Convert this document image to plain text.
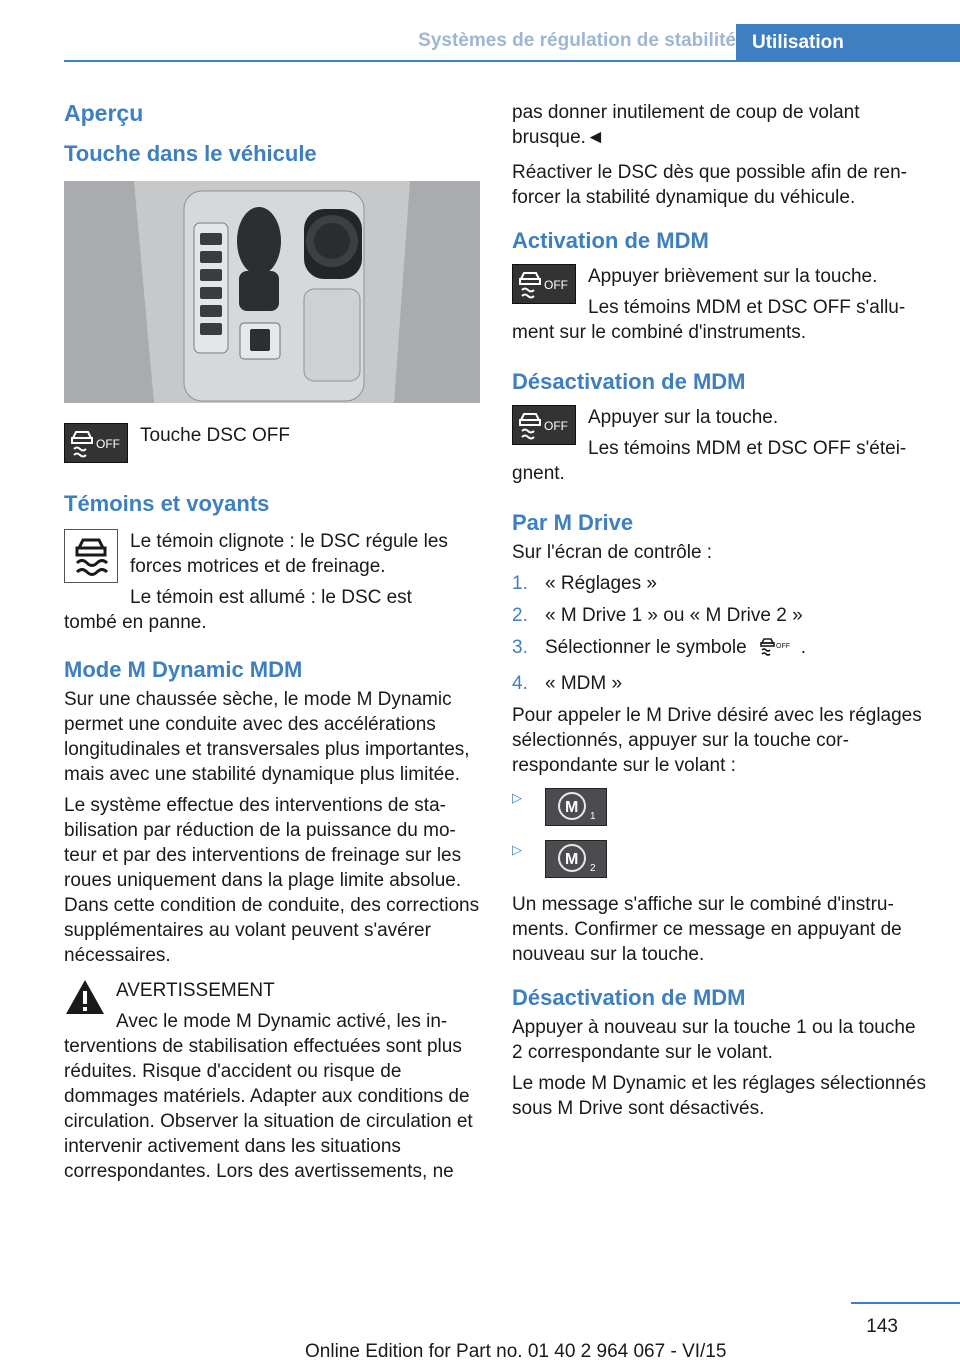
Systèmes de régulation de stabilité Utilisation
Aperçu
Touche dans le véhicule
OFF	Touche DSC OFF
Témoins et voyants
Le témoin clignote : le DSC régule les forces motrices et de freinage.
Le témoin est allumé : le DSC est
tombé en panne.
Mode M Dynamic MDM
Sur une chaussée sèche, le mode M Dynamic permet une conduite avec des accélérations longitudinales et transversales plus importantes, mais avec une stabilité dynamique plus limitée.
Le système effectue des interventions de stabilisation par réduction de la puissance du moteur et par des interventions de freinage sur les roues uniquement dans la plage limite absolue. Dans cette condition de conduite, des corrections supplémentaires au volant peuvent s'avérer nécessaires.
AVERTISSEMENT
Avec le mode M Dynamic activé, les in-
terventions de stabilisation effectuées sont plus réduites. Risque d'accident ou risque de dommages matériels. Adapter aux conditions de circulation. Observer la situation de circulation et intervenir activement dans les situations correspondantes. Lors des avertissements, ne
pas donner inutilement de coup de volant brusque.◄
Réactiver le DSC dès que possible afin de renforcer la stabilité dynamique du véhicule.
Activation de MDM
OFF	Appuyer brièvement sur la touche.
Les témoins MDM et DSC OFF s'allu-
ment sur le combiné d'instruments.
Désactivation de MDM
OFF	Appuyer sur la touche.
Les témoins MDM et DSC OFF s'étei-
gnent.
Par M Drive
Sur l'écran de contrôle :
1. « Réglages »
2. « M Drive 1 » ou « M Drive 2 »
3. Sélectionner le symbole	OFF .
4. « MDM »
Pour appeler le M Drive désiré avec les réglages sélectionnés, appuyer sur la touche correspondante sur le volant :
▷
M
1
▷
M
2
Un message s'affiche sur le combiné d'instruments. Confirmer ce message en appuyant de nouveau sur la touche.
Désactivation de MDM
Appuyer à nouveau sur la touche 1 ou la touche 2 correspondante sur le volant.
Le mode M Dynamic et les réglages sélectionnés sous M Drive sont désactivés.
143
Online Edition for Part no. 01 40 2 964 067 - VI/15
